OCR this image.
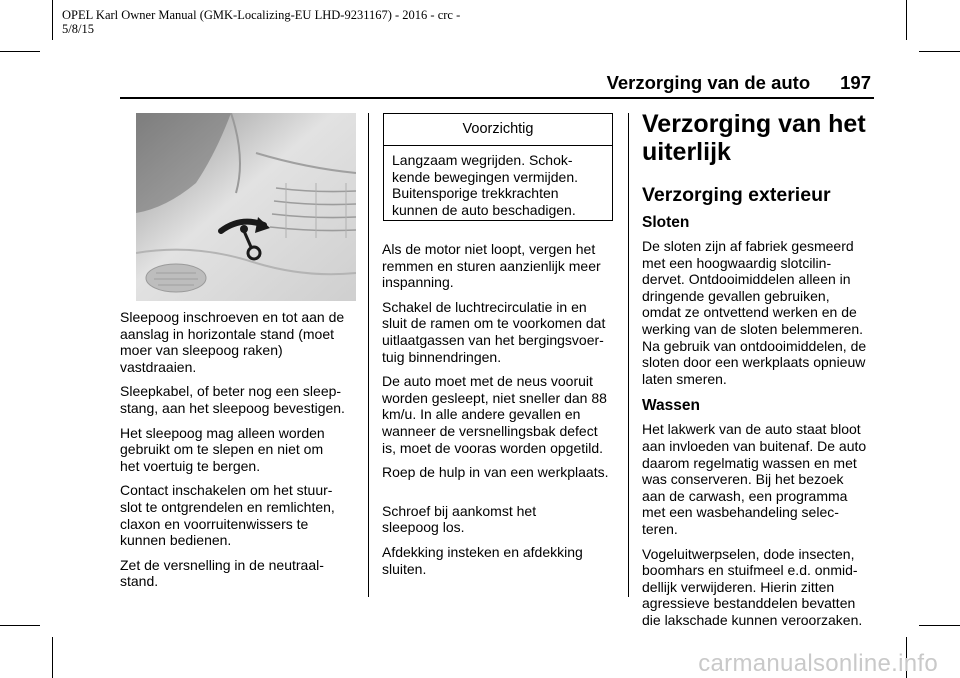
OPEL Karl Owner Manual (GMK-Localizing-EU LHD-9231167) - 2016 - crc -
5/8/15
Verzorging van de auto 197

Sleepoog inschroeven en tot aan de
aanslag in horizontale stand (moet
moer van sleepoog raken)
vastdraaien.

Sleepkabel, of beter nog een sleep-
stang, aan het sleepoog bevestigen.

Het sleepoog mag alleen worden
gebruikt om te slepen en niet om
het voertuig te bergen.

Contact inschakelen om het stuur-
slot te ontgrendelen en remlichten,
claxon en voorruitenwissers te
kunnen bedienen.

Zet de versnelling in de neutraal-
stand.

Voorzichtig
Langzaam wegrijden. Schok-
kende bewegingen vermijden.
Buitensporige trekkrachten
kunnen de auto beschadigen.

Als de motor niet loopt, vergen het
remmen en sturen aanzienlijk meer
inspanning.

Schakel de luchtrecirculatie in en
sluit de ramen om te voorkomen dat
uitlaatgassen van het bergingsvoer-
tuig binnendringen.

De auto moet met de neus vooruit
worden gesleept, niet sneller dan 88
km/u. In alle andere gevallen en
wanneer de versnellingsbak defect
is, moet de vooras worden opgetild.

Roep de hulp in van een werkplaats.

Schroef bij aankomst het
sleepoog los.

Afdekking insteken en afdekking
sluiten.

Verzorging van het
uiterlijk
Verzorging exterieur
Sloten

De sloten zijn af fabriek gesmeerd
met een hoogwaardig slotcilin-
dervet. Ontdooimiddelen alleen in
dringende gevallen gebruiken,
omdat ze ontvettend werken en de
werking van de sloten belemmeren.
Na gebruik van ontdooimiddelen, de
sloten door een werkplaats opnieuw
laten smeren.

Wassen

Het lakwerk van de auto staat bloot
aan invloeden van buitenaf. De auto
daarom regelmatig wassen en met
was conserveren. Bij het bezoek
aan de carwash, een programma
met een wasbehandeling selec-
teren.

Vogeluitwerpselen, dode insecten,
boomhars en stuifmeel e.d. onmid-
dellijk verwijderen. Hierin zitten
agressieve bestanddelen bevatten
die lakschade kunnen veroorzaken.

carmanualsonline.info
